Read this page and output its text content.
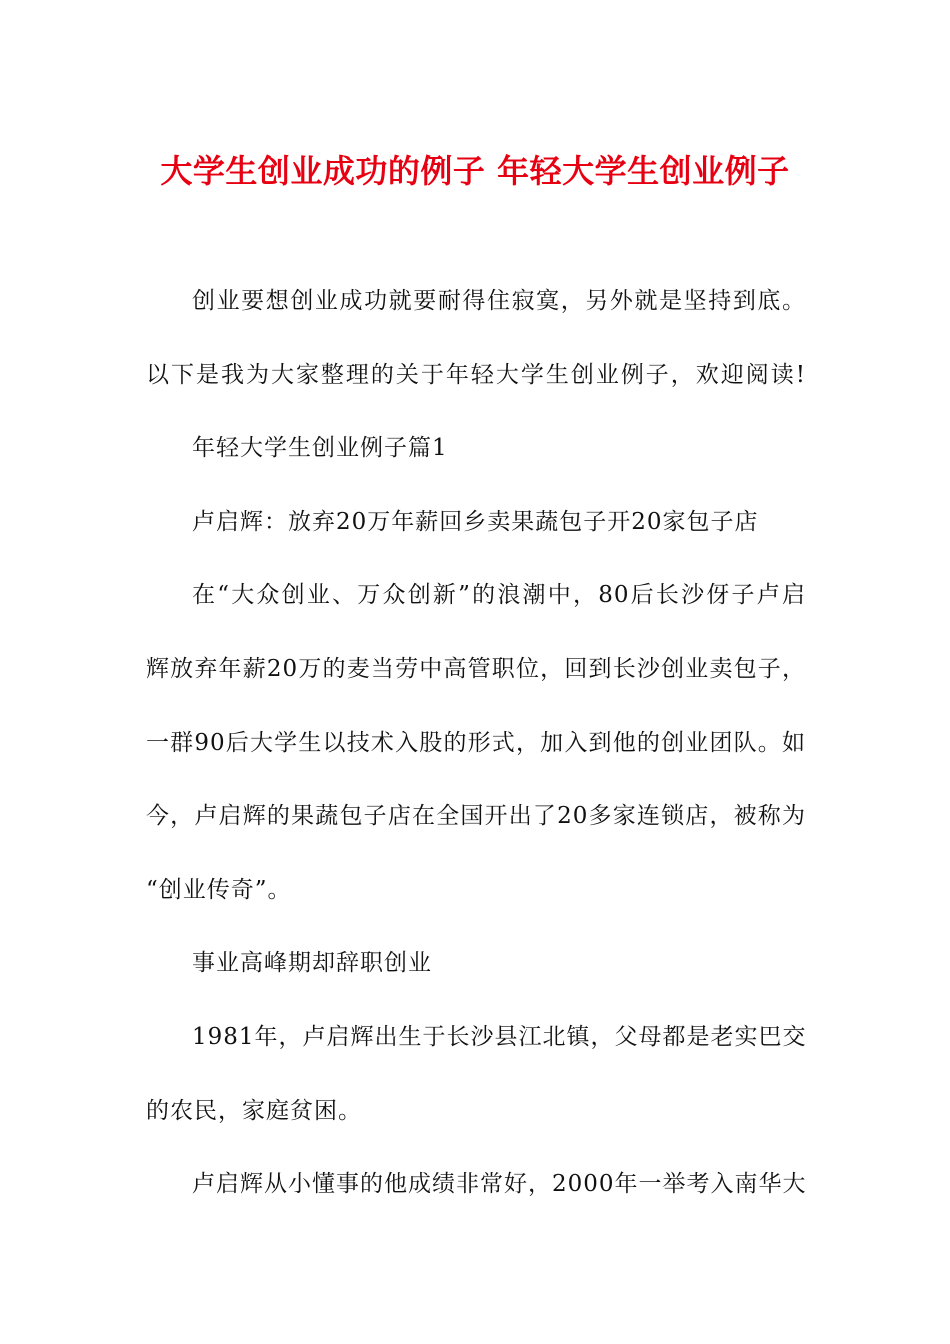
大学生创业成功的例子 年轻大学生创业例子
创业要想创业成功就要耐得住寂寞，另外就是坚持到底。
以下是我为大家整理的关于年轻大学生创业例子，欢迎阅读!
年轻大学生创业例子篇1
卢启辉：放弃20万年薪回乡卖果蔬包子开20家包子店
在“大众创业、万众创新”的浪潮中，80后长沙伢子卢启
辉放弃年薪20万的麦当劳中高管职位，回到长沙创业卖包子，
一群90后大学生以技术入股的形式，加入到他的创业团队。如
今，卢启辉的果蔬包子店在全国开出了20多家连锁店，被称为
“创业传奇”。
事业高峰期却辞职创业
1981年，卢启辉出生于长沙县江北镇，父母都是老实巴交
的农民，家庭贫困。
卢启辉从小懂事的他成绩非常好，2000年一举考入南华大
